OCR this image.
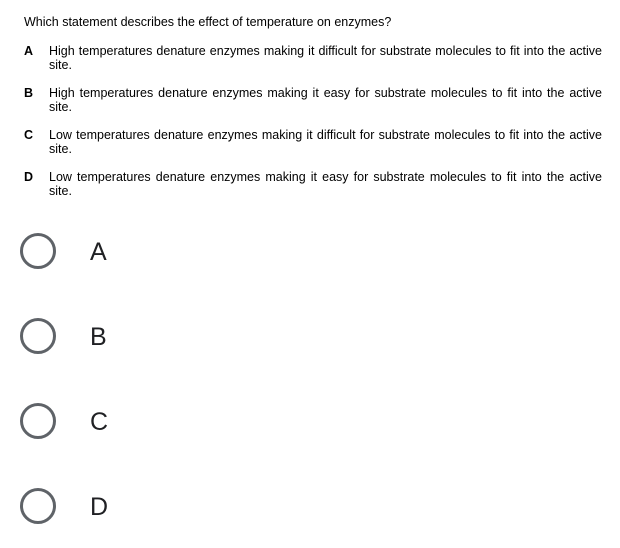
Which statement describes the effect of temperature on enzymes?
A	High temperatures denature enzymes making it difficult for substrate molecules to fit into the active site.
B	High temperatures denature enzymes making it easy for substrate molecules to fit into the active site.
C	Low temperatures denature enzymes making it difficult for substrate molecules to fit into the active site.
D	Low temperatures denature enzymes making it easy for substrate molecules to fit into the active site.
A
B
C
D
